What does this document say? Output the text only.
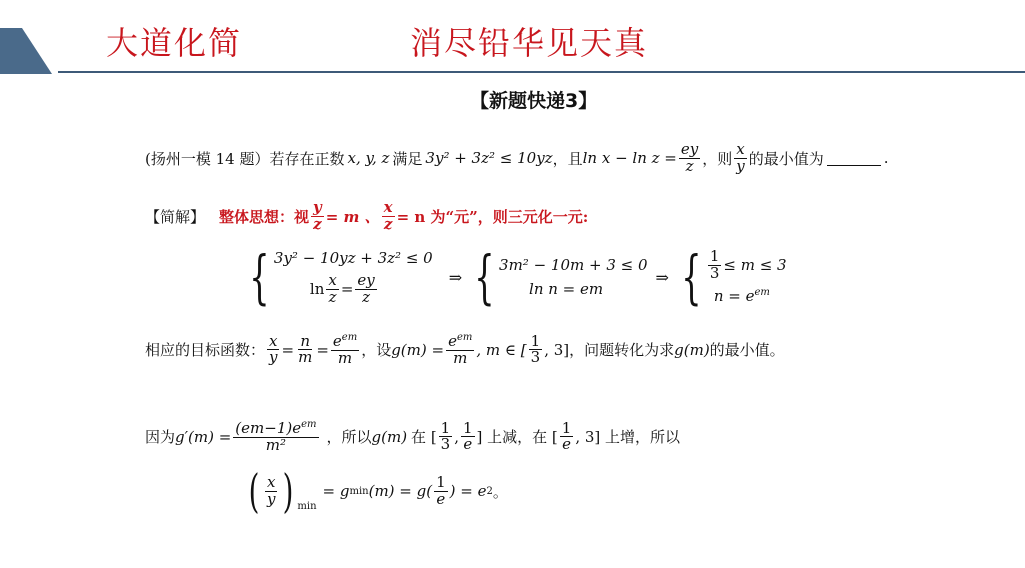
大道化简	消尽铅华见天真
【新题快递3】
(扬州一模 14 题）若存在正数 x, y, z 满足 3y² + 3z² ≤ 10yz ，且 $\ln x - \ln z = \frac{ey}{z}$ ，则 $\frac{x}{y}$ 的最小值为	.
【简解】 整体思想：视 $\frac{y}{z} = m$ 、 $\frac{x}{z} = n$ 为“元”，则三元化一元:
{ 3y² − 10yz + 3z² ≤ 0
$\ln \frac{x}{z} = \frac{ey}{z}$	⇒ { 3m² − 10m + 3 ≤ 0
ln n = em
⇒ { $\frac{1}{3} \le m \le 3$
$n = e^{em}$
相应的目标函数： $\frac{x}{y} = \frac{n}{m} = \frac{e^{em}}{m}$ ，设 $g(m) = \frac{e^{em}}{m}$ , m ∈ [ $\frac{1}{3}$ , 3] ，问题转化为求 g(m) 的最小值。
因为 $g'(m) = \frac{(em-1)e^{em}}{\text{m²}}$ ，所以 g(m) 在 [ $\frac{1}{3}$ , $\frac{1}{e}$ ] 上减，在 [ $\frac{1}{e}$ , 3] 上增，所以
( $\frac{x}{y}$ ) min
= g $\min (m) = g( \frac{1}{e}$ ) = e 2 。
